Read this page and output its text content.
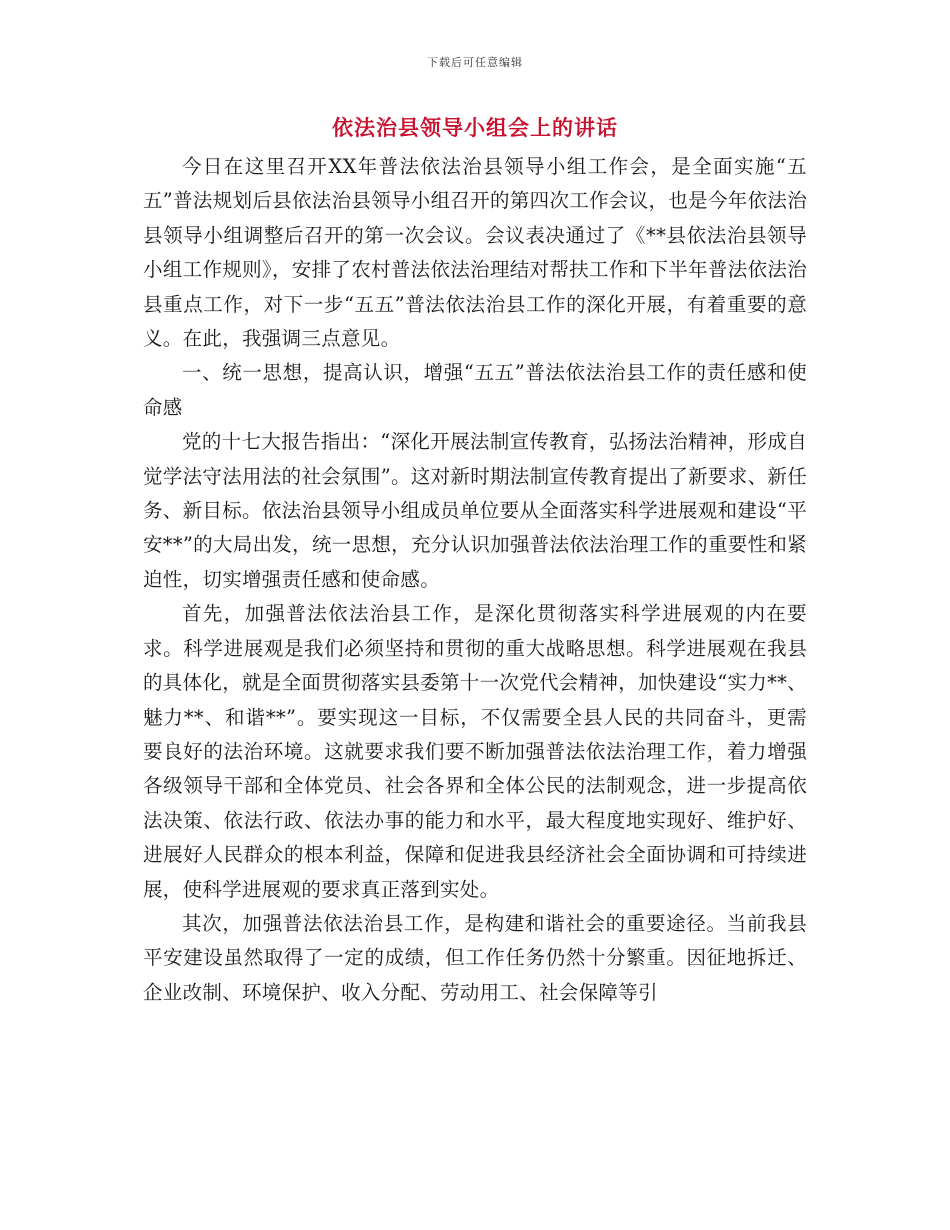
下载后可任意编辑
依法治县领导小组会上的讲话

今日在这里召开XX年普法依法治县领导小组工作会，是全面实施“五五”普法规划后县依法治县领导小组召开的第四次工作会议，也是今年依法治县领导小组调整后召开的第一次会议。会议表决通过了《**县依法治县领导小组工作规则》，安排了农村普法依法治理结对帮扶工作和下半年普法依法治县重点工作，对下一步“五五”普法依法治县工作的深化开展，有着重要的意义。在此，我强调三点意见。

一、统一思想，提高认识，增强“五五”普法依法治县工作的责任感和使命感

党的十七大报告指出：“深化开展法制宣传教育，弘扬法治精神，形成自觉学法守法用法的社会氛围”。这对新时期法制宣传教育提出了新要求、新任务、新目标。依法治县领导小组成员单位要从全面落实科学进展观和建设“平安**”的大局出发，统一思想，充分认识加强普法依法治理工作的重要性和紧迫性，切实增强责任感和使命感。

首先，加强普法依法治县工作，是深化贯彻落实科学进展观的内在要求。科学进展观是我们必须坚持和贯彻的重大战略思想。科学进展观在我县的具体化，就是全面贯彻落实县委第十一次党代会精神，加快建设“实力**、魅力**、和谐**”。要实现这一目标，不仅需要全县人民的共同奋斗，更需要良好的法治环境。这就要求我们要不断加强普法依法治理工作，着力增强各级领导干部和全体党员、社会各界和全体公民的法制观念，进一步提高依法决策、依法行政、依法办事的能力和水平，最大程度地实现好、维护好、进展好人民群众的根本利益，保障和促进我县经济社会全面协调和可持续进展，使科学进展观的要求真正落到实处。

其次，加强普法依法治县工作，是构建和谐社会的重要途径。当前我县平安建设虽然取得了一定的成绩，但工作任务仍然十分繁重。因征地拆迁、企业改制、环境保护、收入分配、劳动用工、社会保障等引
